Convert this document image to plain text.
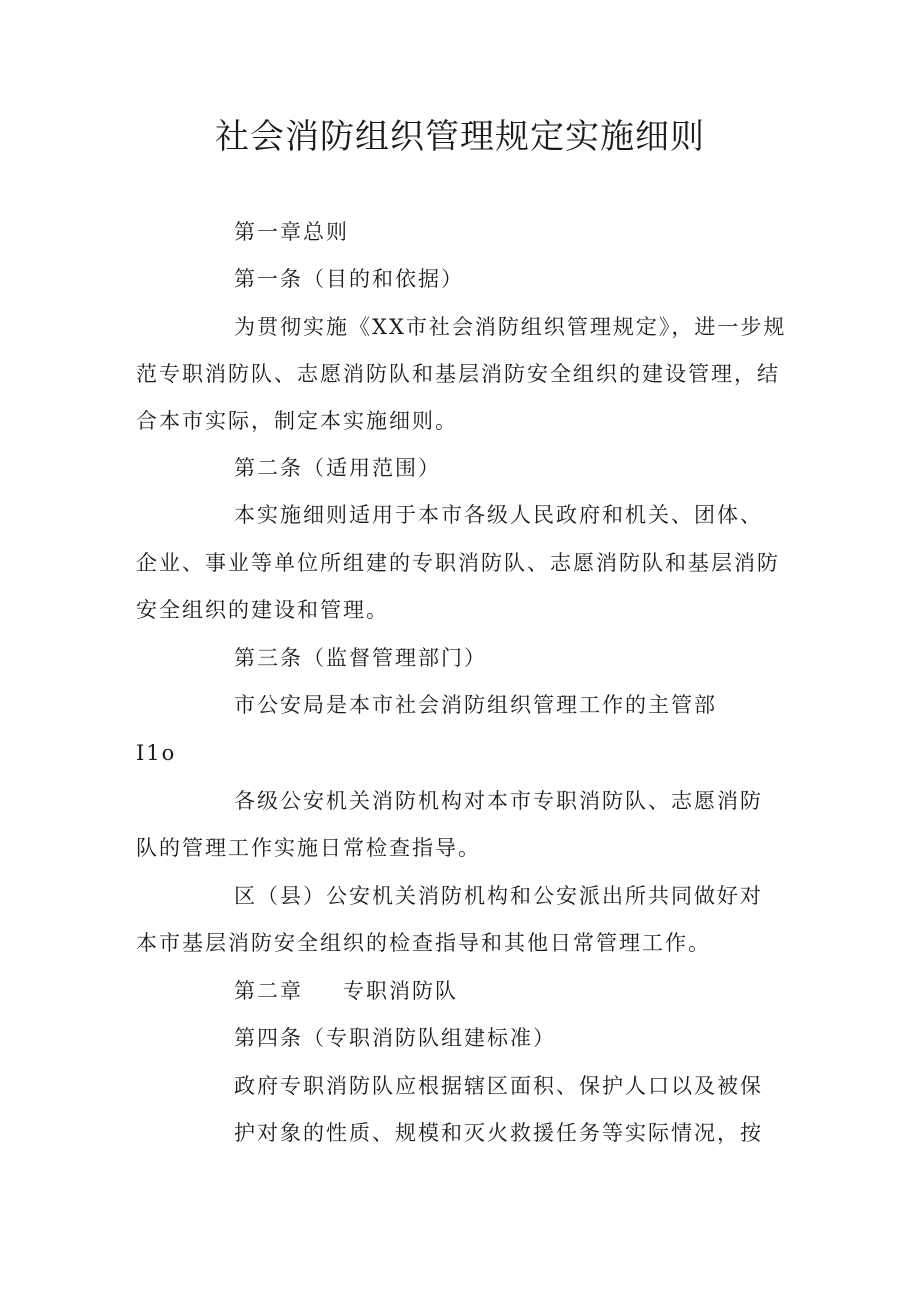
社会消防组织管理规定实施细则
第一章总则
第一条（目的和依据）
为贯彻实施《XX市社会消防组织管理规定》，进一步规
范专职消防队、志愿消防队和基层消防安全组织的建设管理，结
合本市实际，制定本实施细则。
第二条（适用范围）
本实施细则适用于本市各级人民政府和机关、团体、
企业、事业等单位所组建的专职消防队、志愿消防队和基层消防
安全组织的建设和管理。
第三条（监督管理部门）
市公安局是本市社会消防组织管理工作的主管部
I1o
各级公安机关消防机构对本市专职消防队、志愿消防
队的管理工作实施日常检查指导。
区（县）公安机关消防机构和公安派出所共同做好对
本市基层消防安全组织的检查指导和其他日常管理工作。
第二章 专职消防队
第四条（专职消防队组建标准）
政府专职消防队应根据辖区面积、保护人口以及被保
护对象的性质、规模和灭火救援任务等实际情况，按
